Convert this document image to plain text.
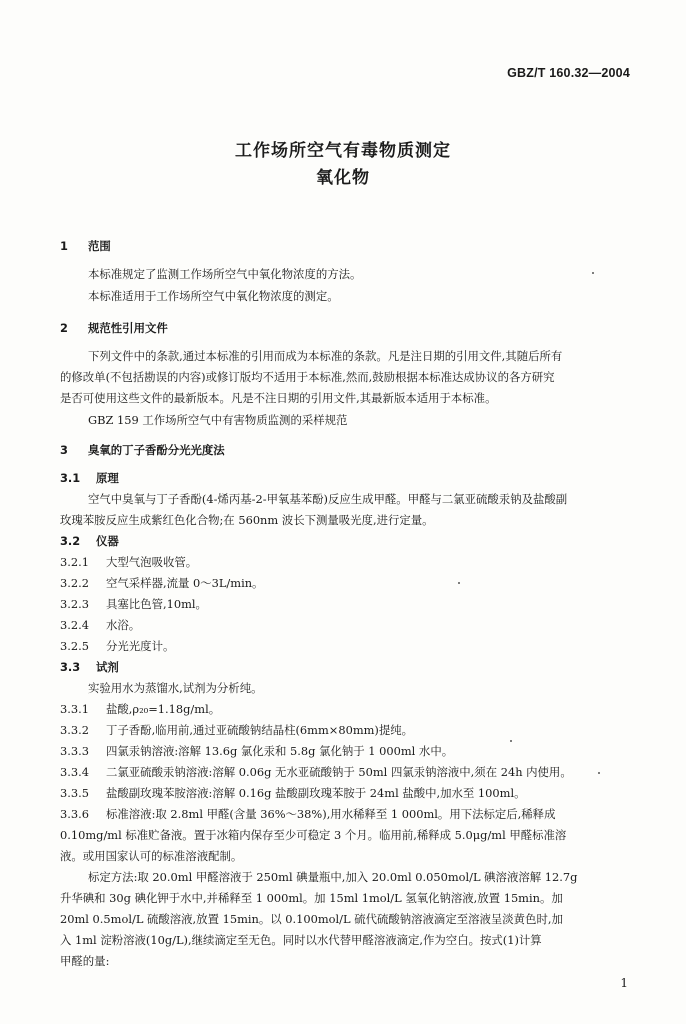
GBZ/T 160.32—2004
工作场所空气有毒物质测定
氧化物
1 范围
本标准规定了监测工作场所空气中氧化物浓度的方法。
本标准适用于工作场所空气中氧化物浓度的测定。
2 规范性引用文件
下列文件中的条款,通过本标准的引用而成为本标准的条款。凡是注日期的引用文件,其随后所有
的修改单(不包括勘误的内容)或修订版均不适用于本标准,然而,鼓励根据本标准达成协议的各方研究
是否可使用这些文件的最新版本。凡是不注日期的引用文件,其最新版本适用于本标准。
GBZ 159 工作场所空气中有害物质监测的采样规范
3 臭氧的丁子香酚分光光度法
3.1 原理
空气中臭氧与丁子香酚(4-烯丙基-2-甲氧基苯酚)反应生成甲醛。甲醛与二氯亚硫酸汞钠及盐酸副
玫瑰苯胺反应生成紫红色化合物;在 560nm 波长下测量吸光度,进行定量。
3.2 仪器
3.2.1 大型气泡吸收管。
3.2.2 空气采样器,流量 0～3L/min。
3.2.3 具塞比色管,10ml。
3.2.4 水浴。
3.2.5 分光光度计。
3.3 试剂
实验用水为蒸馏水,试剂为分析纯。
3.3.1 盐酸,ρ₂₀=1.18g/ml。
3.3.2 丁子香酚,临用前,通过亚硫酸钠结晶柱(6mm×80mm)提纯。
3.3.3 四氯汞钠溶液:溶解 13.6g 氯化汞和 5.8g 氯化钠于 1 000ml 水中。
3.3.4 二氯亚硫酸汞钠溶液:溶解 0.06g 无水亚硫酸钠于 50ml 四氯汞钠溶液中,须在 24h 内使用。
3.3.5 盐酸副玫瑰苯胺溶液:溶解 0.16g 盐酸副玫瑰苯胺于 24ml 盐酸中,加水至 100ml。
3.3.6 标准溶液:取 2.8ml 甲醛(含量 36%～38%),用水稀释至 1 000ml。用下法标定后,稀释成
0.10mg/ml 标准贮备液。置于冰箱内保存至少可稳定 3 个月。临用前,稀释成 5.0μg/ml 甲醛标准溶
液。或用国家认可的标准溶液配制。
标定方法:取 20.0ml 甲醛溶液于 250ml 碘量瓶中,加入 20.0ml 0.050mol/L 碘溶液溶解 12.7g
升华碘和 30g 碘化钾于水中,并稀释至 1 000ml。加 15ml 1mol/L 氢氧化钠溶液,放置 15min。加
20ml 0.5mol/L 硫酸溶液,放置 15min。以 0.100mol/L 硫代硫酸钠溶液滴定至溶液呈淡黄色时,加
入 1ml 淀粉溶液(10g/L),继续滴定至无色。同时以水代替甲醛溶液滴定,作为空白。按式(1)计算
甲醛的量:
1
